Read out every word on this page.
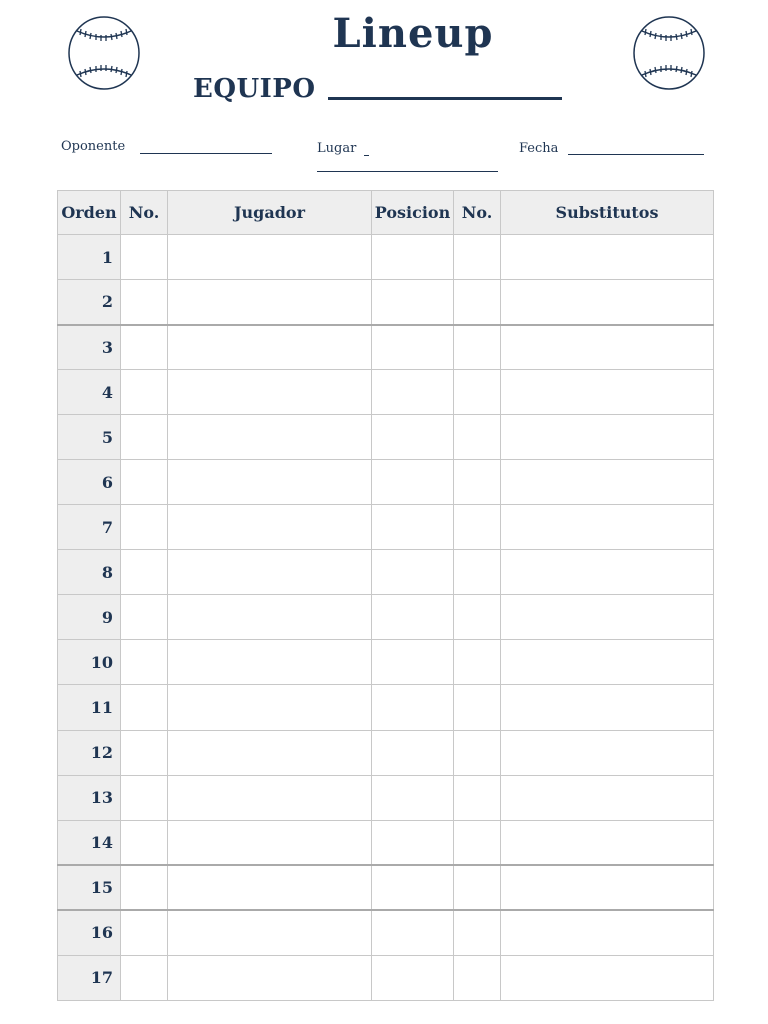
Lineup
EQUIPO
Oponente	Lugar	Fecha
Orden	No.	Jugador	Posicion	No.	Substitutos
1					
2					
3					
4					
5					
6					
7					
8					
9					
10					
11					
12					
13					
14					
15					
16					
17					
